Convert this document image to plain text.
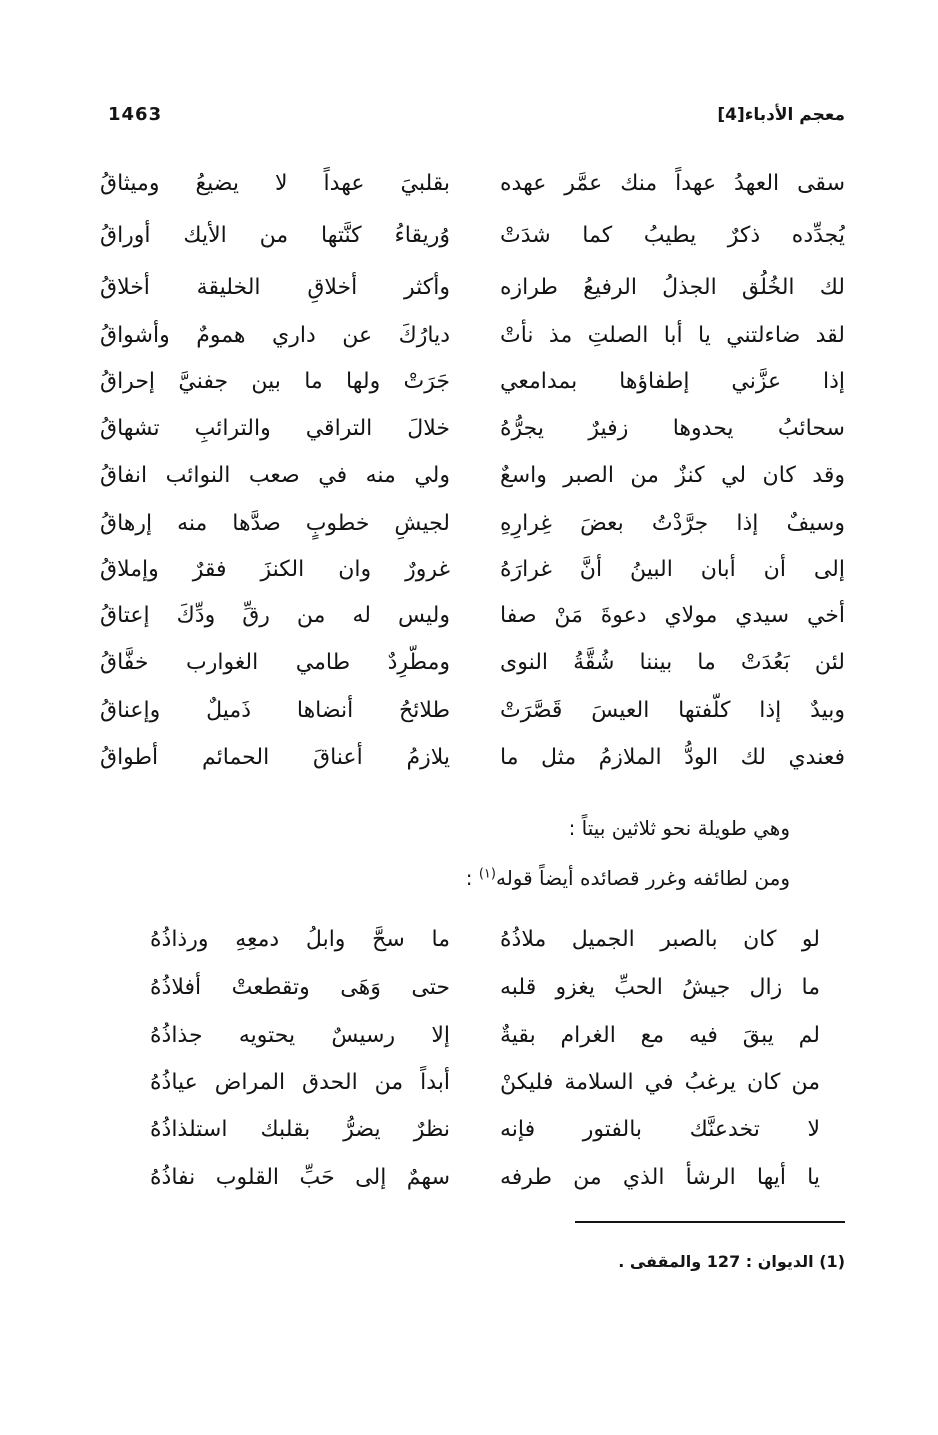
1463	معجم الأدباء[4]
سقى العهدُ عهداً منك عمَّر عهده
بقلبيَ عهداً لا يضيعُ وميثاقُ
يُجدِّده ذكرٌ يطيبُ كما شدَتْ
وُريقاءُ كنَّتها من الأيك أوراقُ
لك الخُلُق الجذلُ الرفيعُ طرازه
وأكثر أخلاقِ الخليقة أخلاقُ
لقد ضاءلتني يا أبا الصلتِ مذ نأتْ
ديارُكَ عن داري همومٌ وأشواقُ
إذا عزَّني إطفاؤها بمدامعي
جَرَتْ ولها ما بين جفنيَّ إحراقُ
سحائبُ يحدوها زفيرٌ يجرُّهُ
خلالَ التراقي والترائبِ تشهاقُ
وقد كان لي كنزٌ من الصبر واسعٌ
ولي منه في صعب النوائب انفاقُ
وسيفٌ إذا جرَّدْتُ بعضَ غِرارِهِ
لجيشِ خطوبٍ صدَّها منه إرهاقُ
إلى أن أبان البينُ أنَّ غرارَهُ
غرورٌ وان الكنزَ فقرٌ وإملاقُ
أخي سيدي مولاي دعوةَ مَنْ صفا
وليس له من رقِّ ودِّكَ إعتاقُ
لئن بَعُدَتْ ما بيننا شُقَّةُ النوى
ومطَّرِدٌ طامي الغوارب خفَّاقُ
وبيدٌ إذا كلَّفتها العيسَ قَصَّرَتْ
طلائحُ أنضاها ذَميلٌ وإعناقُ
فعندي لك الودُّ الملازمُ مثل ما
يلازمُ أعناقَ الحمائم أطواقُ
وهي طويلة نحو ثلاثين بيتاً :
ومن لطائفه وغرر قصائده أيضاً قوله$^{(١)}$ :
لو كان بالصبر الجميل ملاذُهُ
ما سحَّ وابلُ دمعِهِ ورذاذُهُ
ما زال جيشُ الحبِّ يغزو قلبه
حتى وَهَى وتقطعتْ أفلاذُهُ
لم يبقَ فيه مع الغرام بقيةٌ
إلا رسيسٌ يحتويه جذاذُهُ
من كان يرغبُ في السلامة فليكنْ
أبداً من الحدق المراض عياذُهُ
لا تخدعنَّك بالفتور فإنه
نظرٌ يضرُّ بقلبك استلذاذُهُ
يا أيها الرشأ الذي من طرفه
سهمٌ إلى حَبِّ القلوب نفاذُهُ
(1) الديوان : 127 والمقفى .
